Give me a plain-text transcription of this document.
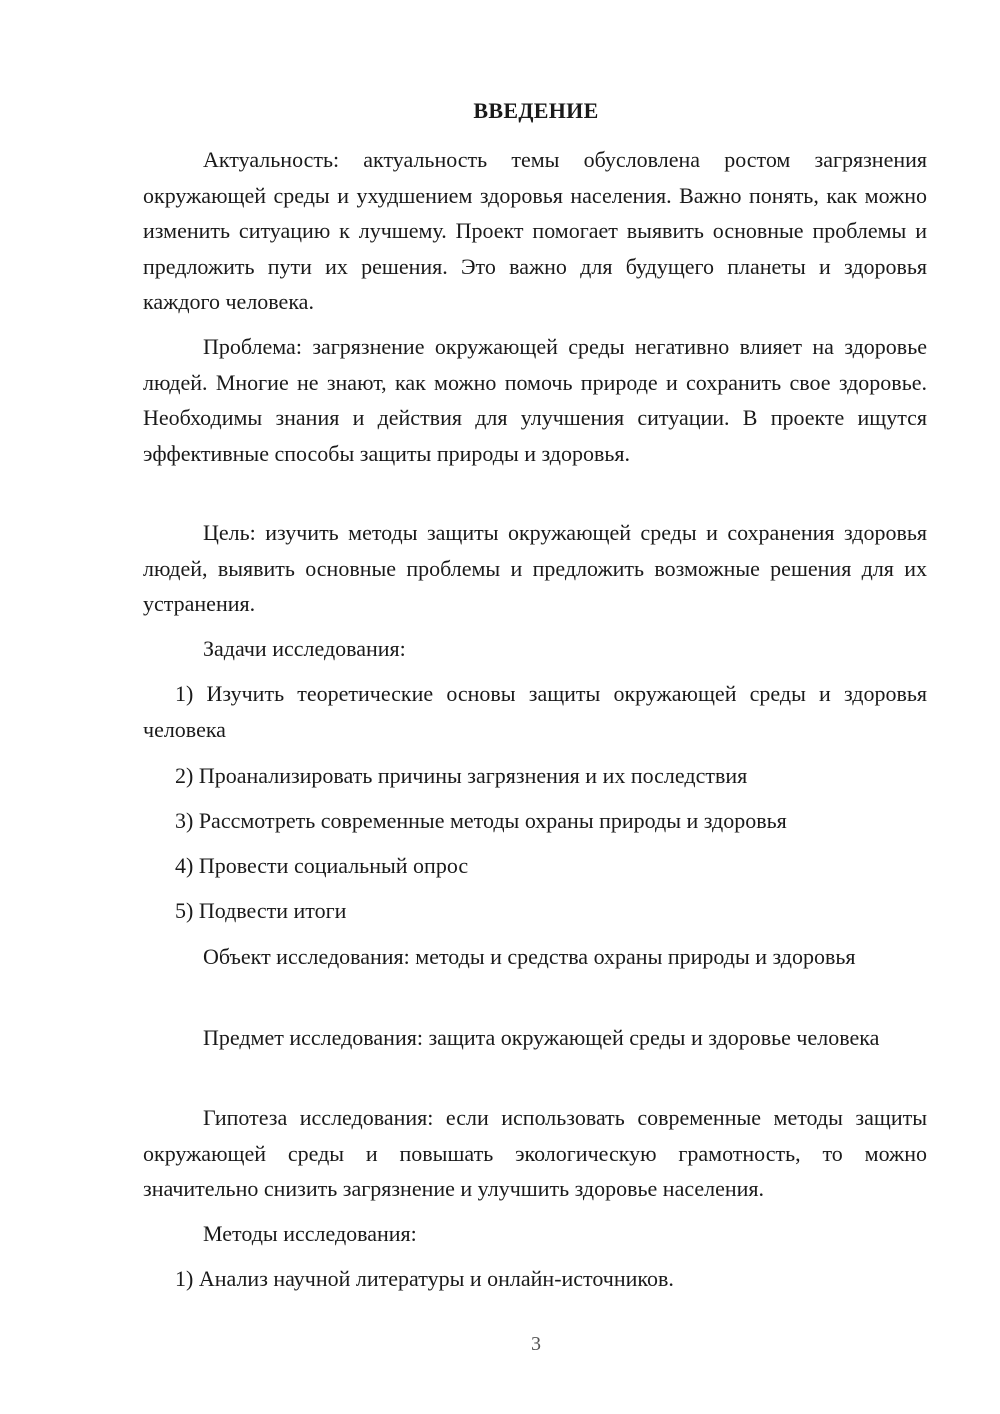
ВВЕДЕНИЕ

Актуальность: актуальность темы обусловлена ростом загрязнения окружающей среды и ухудшением здоровья населения. Важно понять, как можно изменить ситуацию к лучшему. Проект помогает выявить основные проблемы и предложить пути их решения. Это важно для будущего планеты и здоровья каждого человека.

Проблема: загрязнение окружающей среды негативно влияет на здоровье людей. Многие не знают, как можно помочь природе и сохранить свое здоровье. Необходимы знания и действия для улучшения ситуации. В проекте ищутся эффективные способы защиты природы и здоровья.

Цель: изучить методы защиты окружающей среды и сохранения здоровья людей, выявить основные проблемы и предложить возможные решения для их устранения.

Задачи исследования:

1) Изучить теоретические основы защиты окружающей среды и здоровья человека

2) Проанализировать причины загрязнения и их последствия

3) Рассмотреть современные методы охраны природы и здоровья

4) Провести социальный опрос

5) Подвести итоги

Объект исследования: методы и средства охраны природы и здоровья

Предмет исследования: защита окружающей среды и здоровье человека

Гипотеза исследования: если использовать современные методы защиты окружающей среды и повышать экологическую грамотность, то можно значительно снизить загрязнение и улучшить здоровье населения.

Методы исследования:

1) Анализ научной литературы и онлайн-источников.

3
